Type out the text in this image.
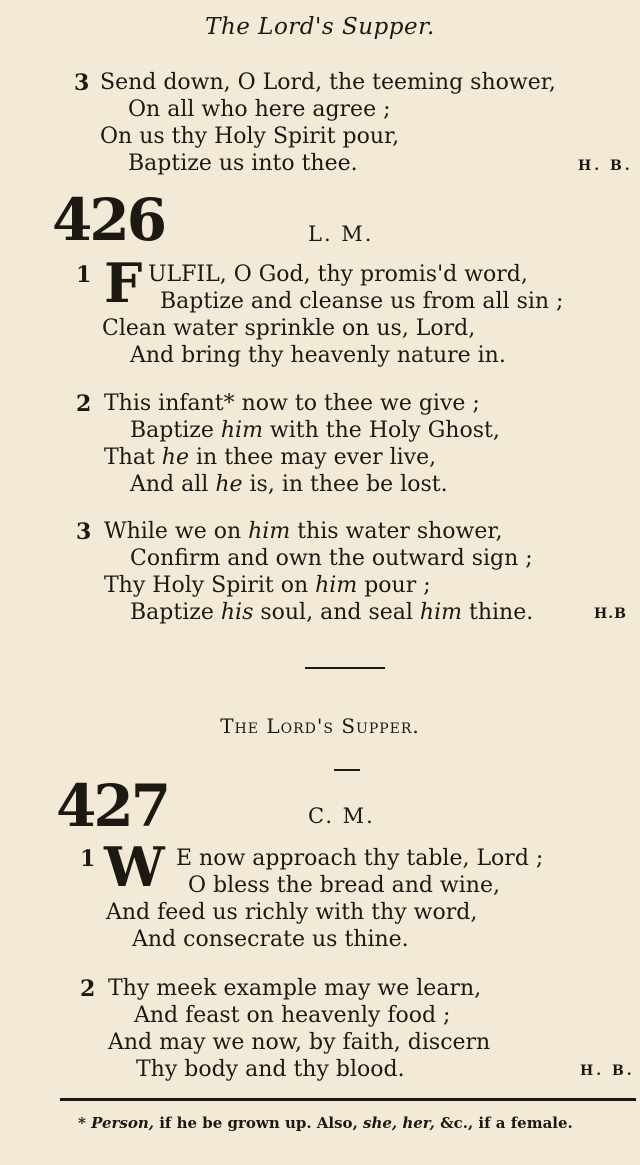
The Lord's Supper.
3 Send down, O Lord, the teeming shower,
On all who here agree ;
On us thy Holy Spirit pour,
Baptize us into thee.	H. B.
426	L. M.
1 F ULFIL, O God, thy promis'd word,
Baptize and cleanse us from all sin ;
Clean water sprinkle on us, Lord,
And bring thy heavenly nature in.
2 This infant* now to thee we give ;
Baptize him with the Holy Ghost,
That he in thee may ever live,
And all he is, in thee be lost.
3 While we on him this water shower,
Confirm and own the outward sign ;
Thy Holy Spirit on him pour ;
Baptize his soul, and seal him thine.	H.B
The Lord's Supper.
427	C. M.
1 W E now approach thy table, Lord ;
O bless the bread and wine,
And feed us richly with thy word,
And consecrate us thine.
2 Thy meek example may we learn,
And feast on heavenly food ;
And may we now, by faith, discern
Thy body and thy blood.	H. B.
* Person, if he be grown up. Also, she, her, &c., if a female.
